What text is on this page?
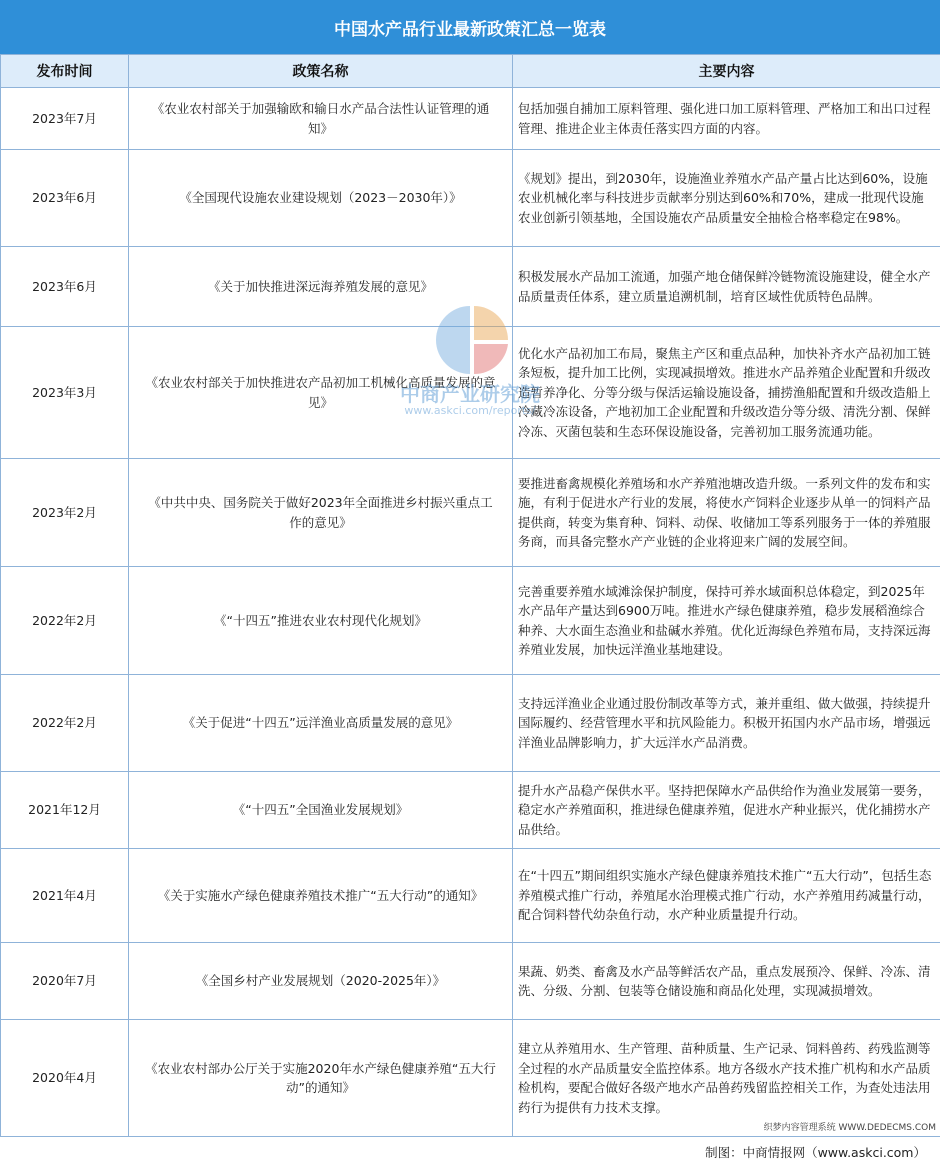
中国水产品行业最新政策汇总一览表
发布时间	政策名称	主要内容
2023年7月	《农业农村部关于加强输欧和输日水产品合法性认证管理的通知》	包括加强自捕加工原料管理、强化进口加工原料管理、严格加工和出口过程管理、推进企业主体责任落实四方面的内容。
2023年6月	《全国现代设施农业建设规划（2023－2030年）》	《规划》提出，到2030年，设施渔业养殖水产品产量占比达到60%，设施农业机械化率与科技进步贡献率分别达到60%和70%，建成一批现代设施农业创新引领基地，全国设施农产品质量安全抽检合格率稳定在98%。
2023年6月	《关于加快推进深远海养殖发展的意见》	积极发展水产品加工流通，加强产地仓储保鲜冷链物流设施建设，健全水产品质量责任体系，建立质量追溯机制，培育区域性优质特色品牌。
2023年3月	《农业农村部关于加快推进农产品初加工机械化高质量发展的意见》	优化水产品初加工布局，聚焦主产区和重点品种，加快补齐水产品初加工链条短板，提升加工比例，实现减损增效。推进水产品养殖企业配置和升级改造暂养净化、分等分级与保活运输设施设备，捕捞渔船配置和升级改造船上冷藏冷冻设备，产地初加工企业配置和升级改造分等分级、清洗分割、保鲜冷冻、灭菌包装和生态环保设施设备，完善初加工服务流通功能。
2023年2月	《中共中央、国务院关于做好2023年全面推进乡村振兴重点工作的意见》	要推进畜禽规模化养殖场和水产养殖池塘改造升级。一系列文件的发布和实施，有利于促进水产行业的发展，将使水产饲料企业逐步从单一的饲料产品提供商，转变为集育种、饲料、动保、收储加工等系列服务于一体的养殖服务商，而具备完整水产产业链的企业将迎来广阔的发展空间。
2022年2月	《“十四五”推进农业农村现代化规划》	完善重要养殖水域滩涂保护制度，保持可养水域面积总体稳定，到2025年水产品年产量达到6900万吨。推进水产绿色健康养殖，稳步发展稻渔综合种养、大水面生态渔业和盐碱水养殖。优化近海绿色养殖布局，支持深远海养殖业发展，加快远洋渔业基地建设。
2022年2月	《关于促进“十四五”远洋渔业高质量发展的意见》	支持远洋渔业企业通过股份制改革等方式，兼并重组、做大做强，持续提升国际履约、经营管理水平和抗风险能力。积极开拓国内水产品市场，增强远洋渔业品牌影响力，扩大远洋水产品消费。
2021年12月	《“十四五”全国渔业发展规划》	提升水产品稳产保供水平。坚持把保障水产品供给作为渔业发展第一要务，稳定水产养殖面积，推进绿色健康养殖，促进水产种业振兴，优化捕捞水产品供给。
2021年4月	《关于实施水产绿色健康养殖技术推广“五大行动”的通知》	在“十四五”期间组织实施水产绿色健康养殖技术推广“五大行动”，包括生态养殖模式推广行动，养殖尾水治理模式推广行动，水产养殖用药减量行动，配合饲料替代幼杂鱼行动，水产种业质量提升行动。
2020年7月	《全国乡村产业发展规划（2020-2025年）》	果蔬、奶类、畜禽及水产品等鲜活农产品，重点发展预冷、保鲜、冷冻、清洗、分级、分割、包装等仓储设施和商品化处理，实现减损增效。
2020年4月	《农业农村部办公厅关于实施2020年水产绿色健康养殖“五大行动”的通知》	建立从养殖用水、生产管理、苗种质量、生产记录、饲料兽药、药残监测等全过程的水产品质量安全监控体系。地方各级水产技术推广机构和水产品质检机构，要配合做好各级产地水产品兽药残留监控相关工作，为查处违法用药行为提供有力技术支撑。
中商产业研究院
www.askci.com/reports/
制图：中商情报网（www.askci.com）
织梦内容管理系统 WWW.DEDECMS.COM
